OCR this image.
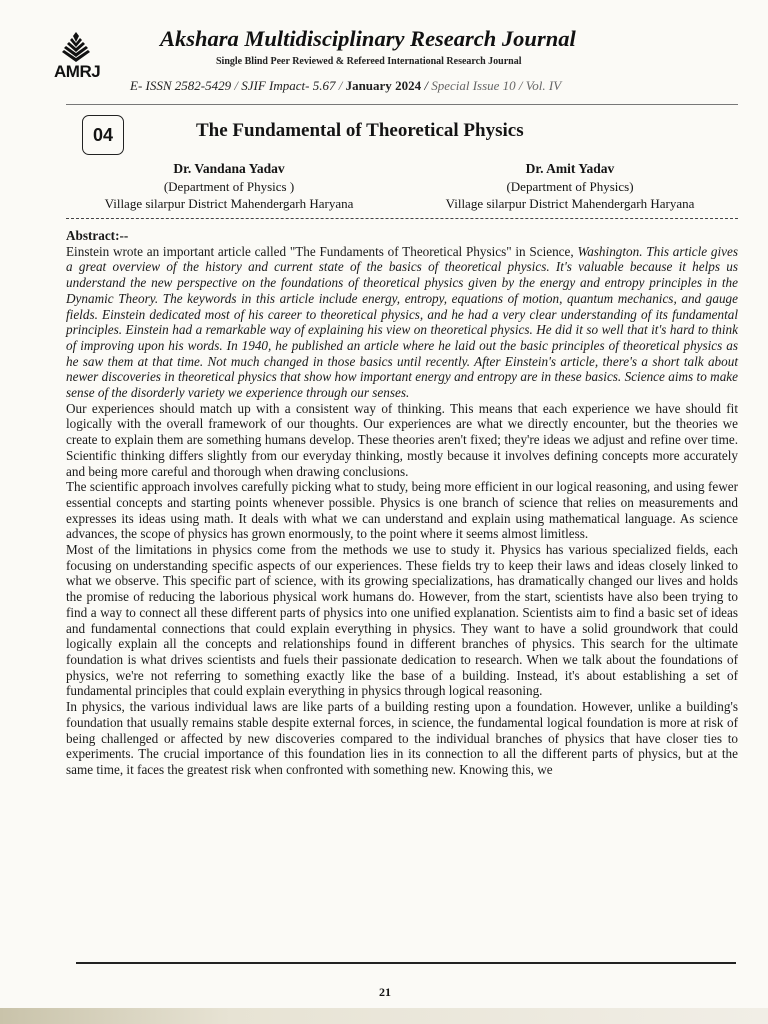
AMRJ
Akshara Multidisciplinary Research Journal
Single Blind Peer Reviewed & Refereed International Research Journal
E- ISSN 2582-5429 / SJIF Impact- 5.67 / January 2024 / Special Issue 10 / Vol. IV
04	The Fundamental of Theoretical Physics
Dr. Vandana Yadav
(Department of Physics )
Village silarpur District Mahendergarh Haryana
Dr. Amit Yadav
(Department of Physics)
Village silarpur District Mahendergarh Haryana
Abstract:--

Einstein wrote an important article called "The Fundaments of Theoretical Physics" in Science, Washington. This article gives a great overview of the history and current state of the basics of theoretical physics. It's valuable because it helps us understand the new perspective on the foundations of theoretical physics given by the energy and entropy principles in the Dynamic Theory. The keywords in this article include energy, entropy, equations of motion, quantum mechanics, and gauge fields. Einstein dedicated most of his career to theoretical physics, and he had a very clear understanding of its fundamental principles. Einstein had a remarkable way of explaining his view on theoretical physics. He did it so well that it's hard to think of improving upon his words. In 1940, he published an article where he laid out the basic principles of theoretical physics as he saw them at that time. Not much changed in those basics until recently. After Einstein's article, there's a short talk about newer discoveries in theoretical physics that show how important energy and entropy are in these basics. Science aims to make sense of the disorderly variety we experience through our senses.

Our experiences should match up with a consistent way of thinking. This means that each experience we have should fit logically with the overall framework of our thoughts. Our experiences are what we directly encounter, but the theories we create to explain them are something humans develop. These theories aren't fixed; they're ideas we adjust and refine over time. Scientific thinking differs slightly from our everyday thinking, mostly because it involves defining concepts more accurately and being more careful and thorough when drawing conclusions.

The scientific approach involves carefully picking what to study, being more efficient in our logical reasoning, and using fewer essential concepts and starting points whenever possible. Physics is one branch of science that relies on measurements and expresses its ideas using math. It deals with what we can understand and explain using mathematical language. As science advances, the scope of physics has grown enormously, to the point where it seems almost limitless.

Most of the limitations in physics come from the methods we use to study it. Physics has various specialized fields, each focusing on understanding specific aspects of our experiences. These fields try to keep their laws and ideas closely linked to what we observe. This specific part of science, with its growing specializations, has dramatically changed our lives and holds the promise of reducing the laborious physical work humans do. However, from the start, scientists have also been trying to find a way to connect all these different parts of physics into one unified explanation. Scientists aim to find a basic set of ideas and fundamental connections that could explain everything in physics. They want to have a solid groundwork that could logically explain all the concepts and relationships found in different branches of physics. This search for the ultimate foundation is what drives scientists and fuels their passionate dedication to research. When we talk about the foundations of physics, we're not referring to something exactly like the base of a building. Instead, it's about establishing a set of fundamental principles that could explain everything in physics through logical reasoning.

In physics, the various individual laws are like parts of a building resting upon a foundation. However, unlike a building's foundation that usually remains stable despite external forces, in science, the fundamental logical foundation is more at risk of being challenged or affected by new discoveries compared to the individual branches of physics that have closer ties to experiments. The crucial importance of this foundation lies in its connection to all the different parts of physics, but at the same time, it faces the greatest risk when confronted with something new. Knowing this, we

21
